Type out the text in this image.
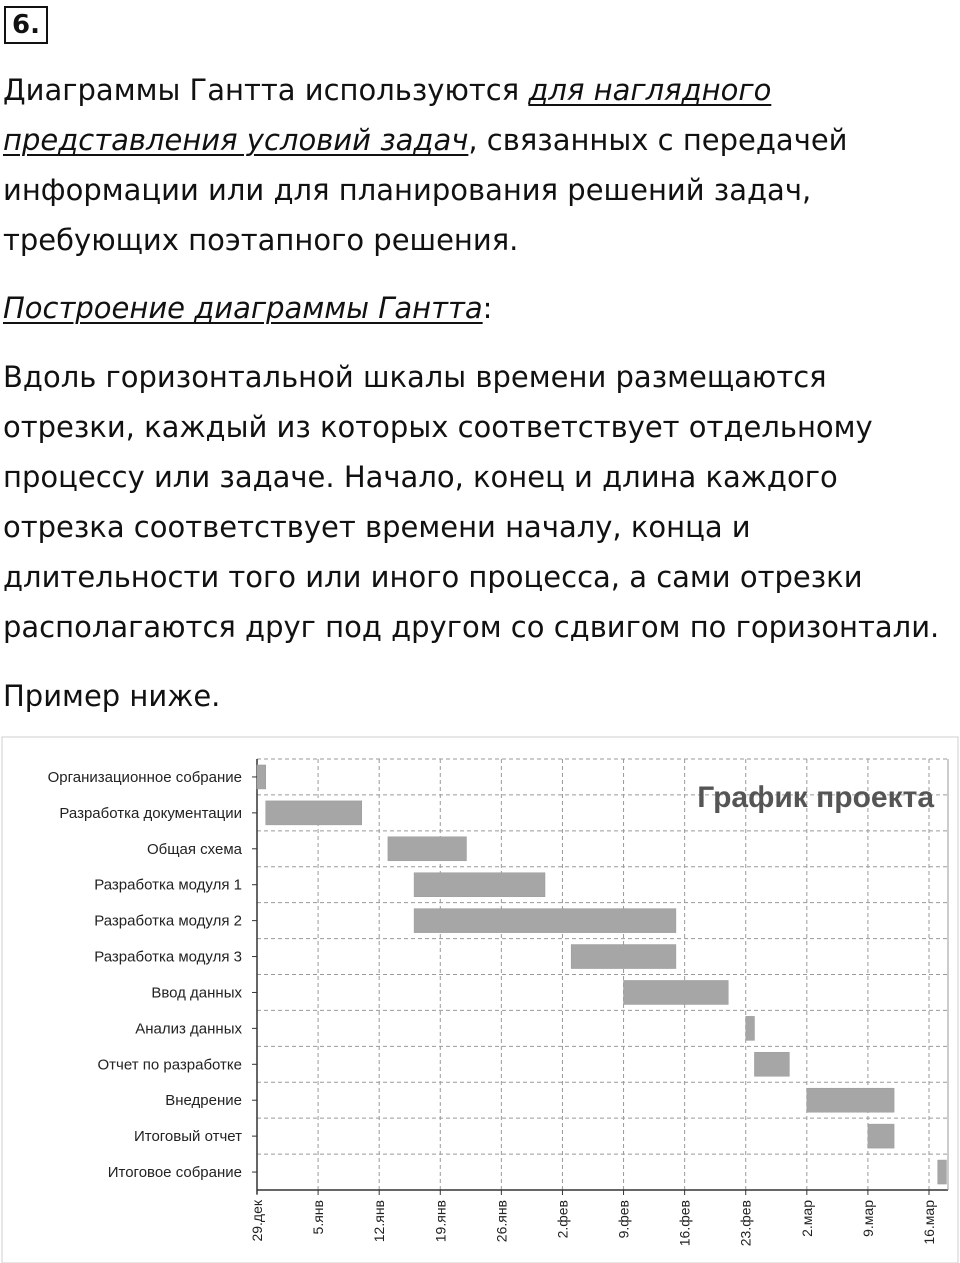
6.

Диаграммы Гантта используются для наглядного представления условий задач, связанных с передачей информации или для планирования решений задач, требующих поэтапного решения.

Построение диаграммы Гантта:

Вдоль горизонтальной шкалы времени размещаются отрезки, каждый из которых соответствует отдельному процессу или задаче. Начало, конец и длина каждого отрезка соответствует времени началу, конца и длительности того или иного процесса, а сами отрезки располагаются друг под другом со сдвигом по горизонтали.

Пример ниже.

Организационное собрание
Разработка документации
Общая схема
Разработка модуля 1
Разработка модуля 2
Разработка модуля 3
Ввод данных
Анализ данных
Отчет по разработке
Внедрение
Итоговый отчет
Итоговое собрание
29.дек	5.янв	12.янв	19.янв	26.янв	2.фев	9.фев	16.фев	23.фев	2.мар	9.мар	16.мар
График проекта
